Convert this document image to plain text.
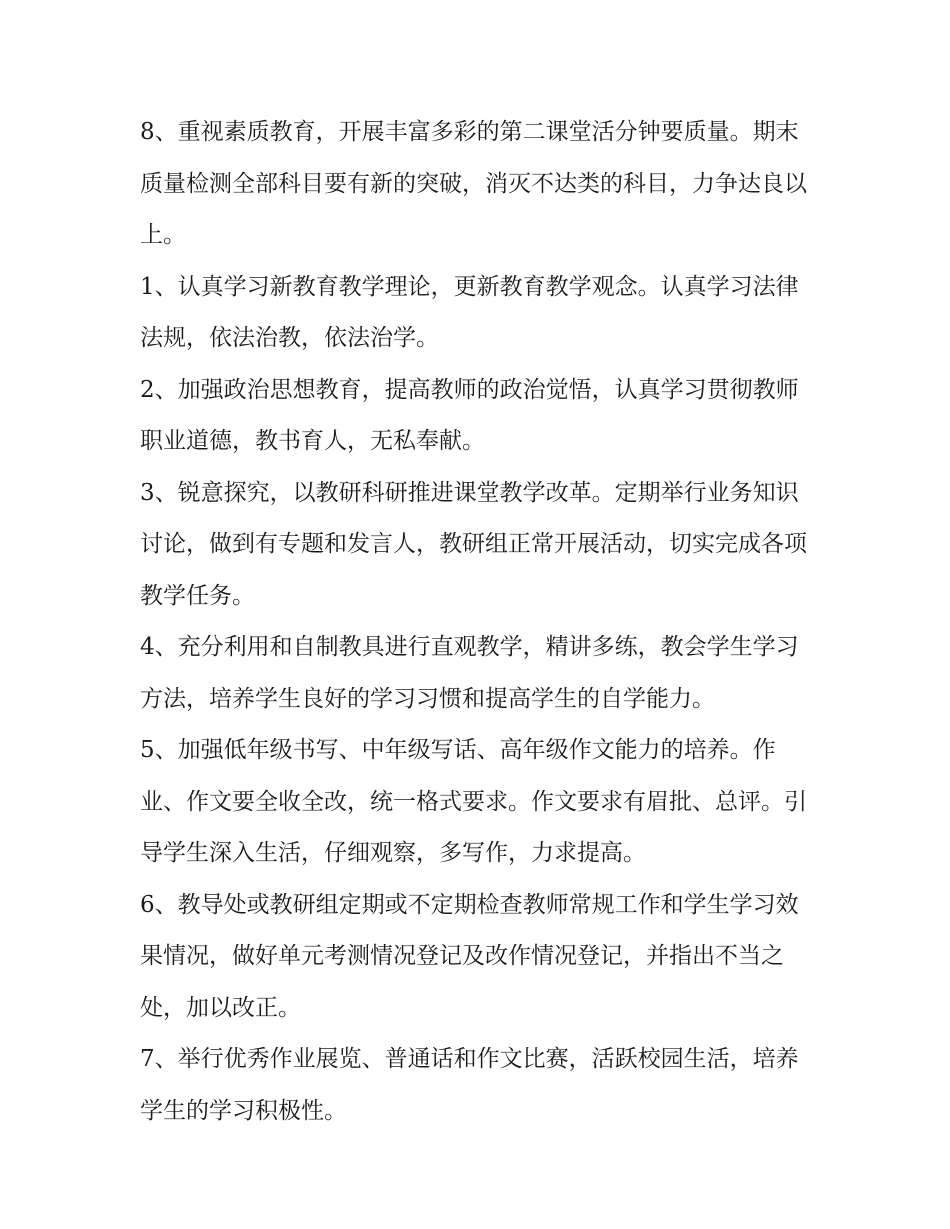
8、重视素质教育，开展丰富多彩的第二课堂活分钟要质量。期末质量检测全部科目要有新的突破，消灭不达类的科目，力争达良以上。

1、认真学习新教育教学理论，更新教育教学观念。认真学习法律法规，依法治教，依法治学。

2、加强政治思想教育，提高教师的政治觉悟，认真学习贯彻教师职业道德，教书育人，无私奉献。

3、锐意探究，以教研科研推进课堂教学改革。定期举行业务知识讨论，做到有专题和发言人，教研组正常开展活动，切实完成各项教学任务。

4、充分利用和自制教具进行直观教学，精讲多练，教会学生学习方法，培养学生良好的学习习惯和提高学生的自学能力。

5、加强低年级书写、中年级写话、高年级作文能力的培养。作业、作文要全收全改，统一格式要求。作文要求有眉批、总评。引导学生深入生活，仔细观察，多写作，力求提高。

6、教导处或教研组定期或不定期检查教师常规工作和学生学习效果情况，做好单元考测情况登记及改作情况登记，并指出不当之处，加以改正。

7、举行优秀作业展览、普通话和作文比赛，活跃校园生活，培养学生的学习积极性。
